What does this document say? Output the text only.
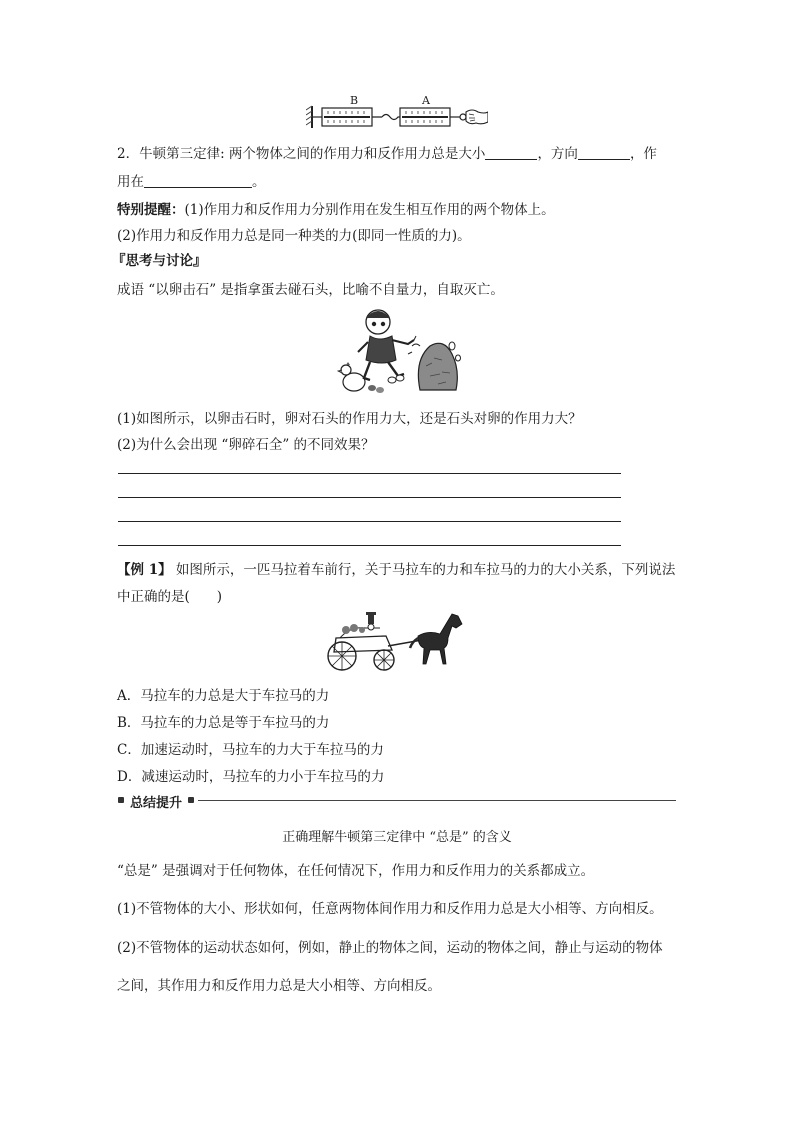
B	A
2．牛顿第三定律: 两个物体之间的作用力和反作用力总是大小	，方向	，作
用在	。
特别提醒：(1)作用力和反作用力分别作用在发生相互作用的两个物体上。
(2)作用力和反作用力总是同一种类的力(即同一性质的力)。
『思考与讨论』
成语 “以卵击石” 是指拿蛋去碰石头，比喻不自量力，自取灭亡。
(1)如图所示，以卵击石时，卵对石头的作用力大，还是石头对卵的作用力大？
(2)为什么会出现 “卵碎石全” 的不同效果？
【例 1】 如图所示，一匹马拉着车前行，关于马拉车的力和车拉马的力的大小关系，下列说法
中正确的是(　　)
A．马拉车的力总是大于车拉马的力
B．马拉车的力总是等于车拉马的力
C．加速运动时，马拉车的力大于车拉马的力
D．减速运动时，马拉车的力小于车拉马的力
总结提升
正确理解牛顿第三定律中 “总是” 的含义
“总是” 是强调对于任何物体，在任何情况下，作用力和反作用力的关系都成立。
(1)不管物体的大小、形状如何，任意两物体间作用力和反作用力总是大小相等、方向相反。
(2)不管物体的运动状态如何，例如，静止的物体之间，运动的物体之间，静止与运动的物体
之间，其作用力和反作用力总是大小相等、方向相反。
